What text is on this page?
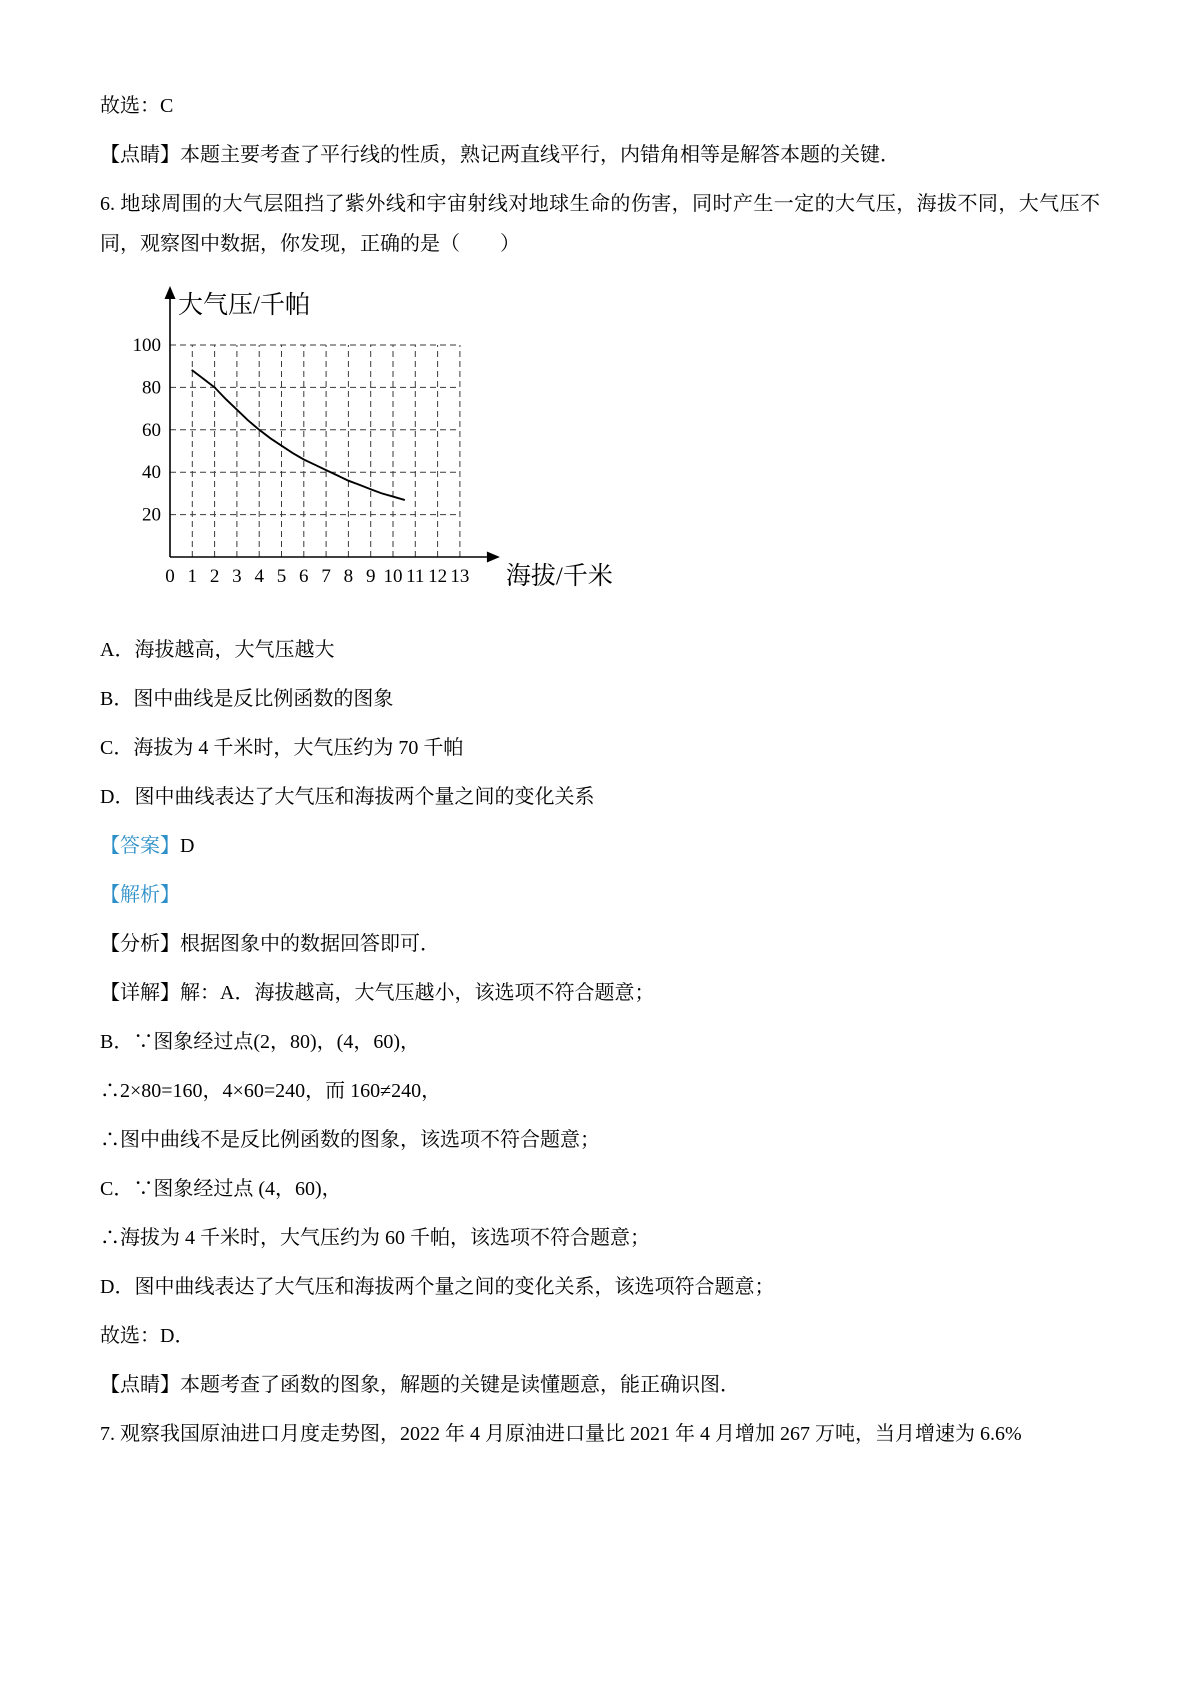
故选：C

【点睛】本题主要考查了平行线的性质，熟记两直线平行，内错角相等是解答本题的关键．

6. 地球周围的大气层阻挡了紫外线和宇宙射线对地球生命的伤害，同时产生一定的大气压，海拔不同，大气压不同，观察图中数据，你发现，正确的是（　　）

20
40
60
80
100
0 1 2 3 4 5 6 7 8 9 10 11 12 13
大气压/千帕
海拔/千米

A．海拔越高，大气压越大

B．图中曲线是反比例函数的图象

C．海拔为 4 千米时，大气压约为 70 千帕

D．图中曲线表达了大气压和海拔两个量之间的变化关系

【答案】D

【解析】

【分析】根据图象中的数据回答即可．

【详解】解：A．海拔越高，大气压越小，该选项不符合题意；

B．∵图象经过点(2，80)，(4，60)，

∴2×80=160，4×60=240，而 160≠240，

∴图中曲线不是反比例函数的图象，该选项不符合题意；

C．∵图象经过点 (4，60)，

∴海拔为 4 千米时，大气压约为 60 千帕，该选项不符合题意；

D．图中曲线表达了大气压和海拔两个量之间的变化关系，该选项符合题意；

故选：D．

【点睛】本题考查了函数的图象，解题的关键是读懂题意，能正确识图．

7. 观察我国原油进口月度走势图，2022 年 4 月原油进口量比 2021 年 4 月增加 267 万吨，当月增速为 6.6%
